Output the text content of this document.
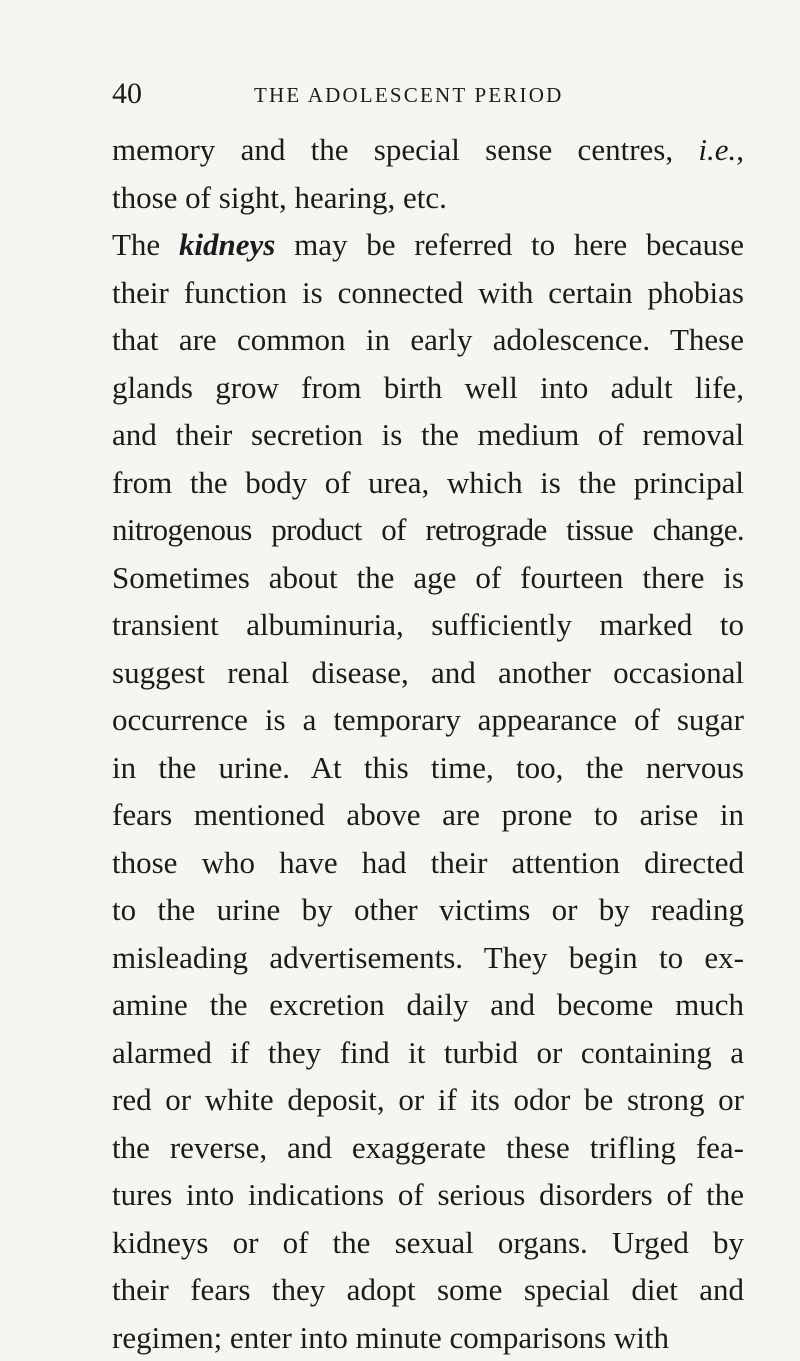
40	THE ADOLESCENT PERIOD
memory and the special sense centres, i.e.,
those of sight, hearing, etc.
The kidneys may be referred to here because
their function is connected with certain phobias
that are common in early adolescence. These
glands grow from birth well into adult life,
and their secretion is the medium of removal
from the body of urea, which is the principal
nitrogenous product of retrograde tissue change.
Sometimes about the age of fourteen there is
transient albuminuria, sufficiently marked to
suggest renal disease, and another occasional
occurrence is a temporary appearance of sugar
in the urine. At this time, too, the nervous
fears mentioned above are prone to arise in
those who have had their attention directed
to the urine by other victims or by reading
misleading advertisements. They begin to ex-
amine the excretion daily and become much
alarmed if they find it turbid or containing a
red or white deposit, or if its odor be strong or
the reverse, and exaggerate these trifling fea-
tures into indications of serious disorders of the
kidneys or of the sexual organs. Urged by
their fears they adopt some special diet and
regimen; enter into minute comparisons with
